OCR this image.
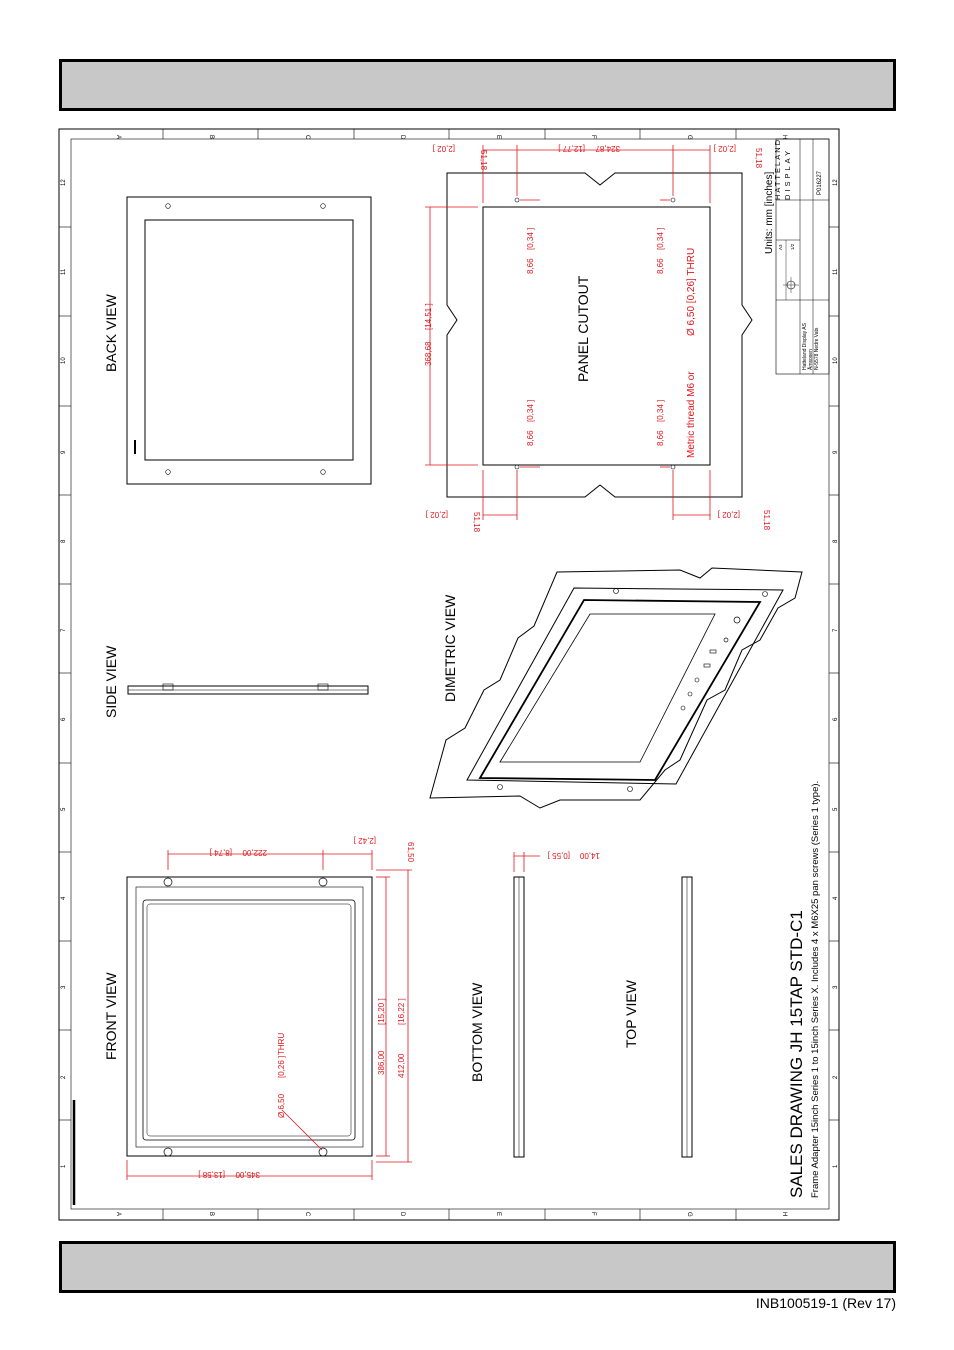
A	B	C	D	E	F	G	H
A	B	C	D	E	F	G	H
1
2
3
4
5
6
7
8
9
10
11
12
1
2
3
4
5
6
7
8
9
10
11
12
BACK VIEW
SIDE VIEW
FRONT VIEW
345,00
[13,58 ]
222,00
[8,74 ]	61,50
[2,42 ]
386,00
[15,20 ]
412,00
[16,22 ]
Ø 6,50
[0,26 ]
THRU	BOTTOM VIEW
14,00
[0,55 ]
TOP VIEW
DIMETRIC VIEW
PANEL CUTOUT
324,87
[12,77 ]
51,18
[2,02 ]	51,18
[2,02 ]
51,18
[2,02 ]	51,18
[2,02 ]
368,68
[14,51 ]
8,66
[0,34 ]
8,66
[0,34 ]
8,66
[0,34 ]
8,66
[0,34 ]
Ø 6,50 [0,26] THRU
Metric thread M6 or
SALES DRAWING JH 15TAP STD-C1 Frame Adapter 15inch Series 1 to 15inch Series X. Includes 4 x M6X25 pan screws (Series 1 type).
HATTELAND DISPLAY
Hatteland Display AS Åmsosen N-5578 Nedre Vats
P016227
1/2
A3
Units: mm [inches]
INB100519-1 (Rev 17)
